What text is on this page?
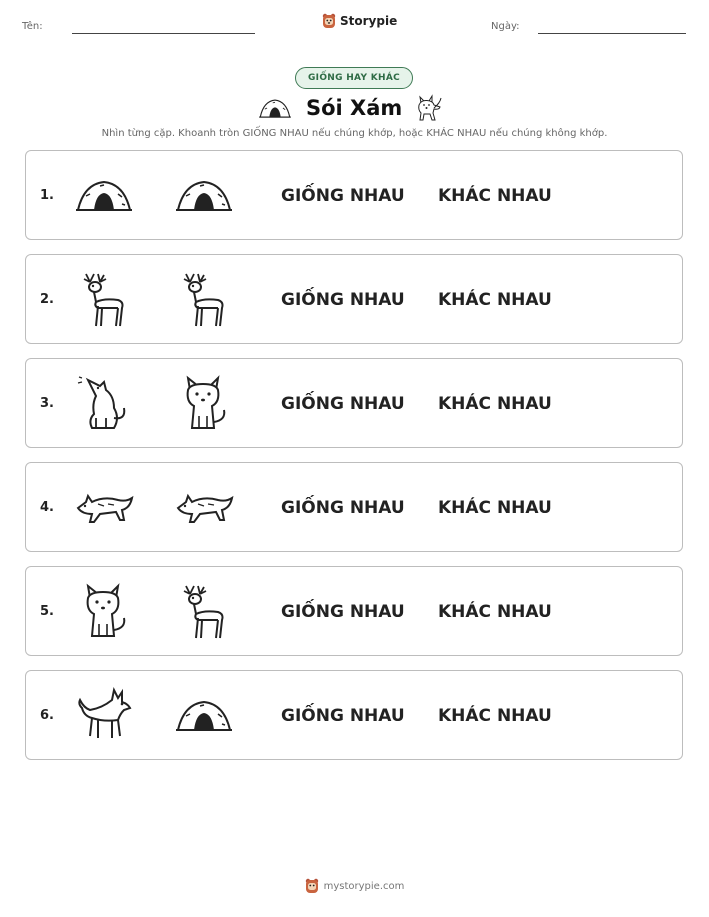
Tên:	Storypie	Ngày:
GIỐNG HAY KHÁC
Sói Xám
Nhìn từng cặp. Khoanh tròn GIỐNG NHAU nếu chúng khớp, hoặc KHÁC NHAU nếu chúng không khớp.
1.	GIỐNG NHAU KHÁC NHAU
2.	GIỐNG NHAU KHÁC NHAU
3.	GIỐNG NHAU KHÁC NHAU
4.	GIỐNG NHAU KHÁC NHAU
5.	GIỐNG NHAU KHÁC NHAU
6.	GIỐNG NHAU KHÁC NHAU
mystorypie.com
